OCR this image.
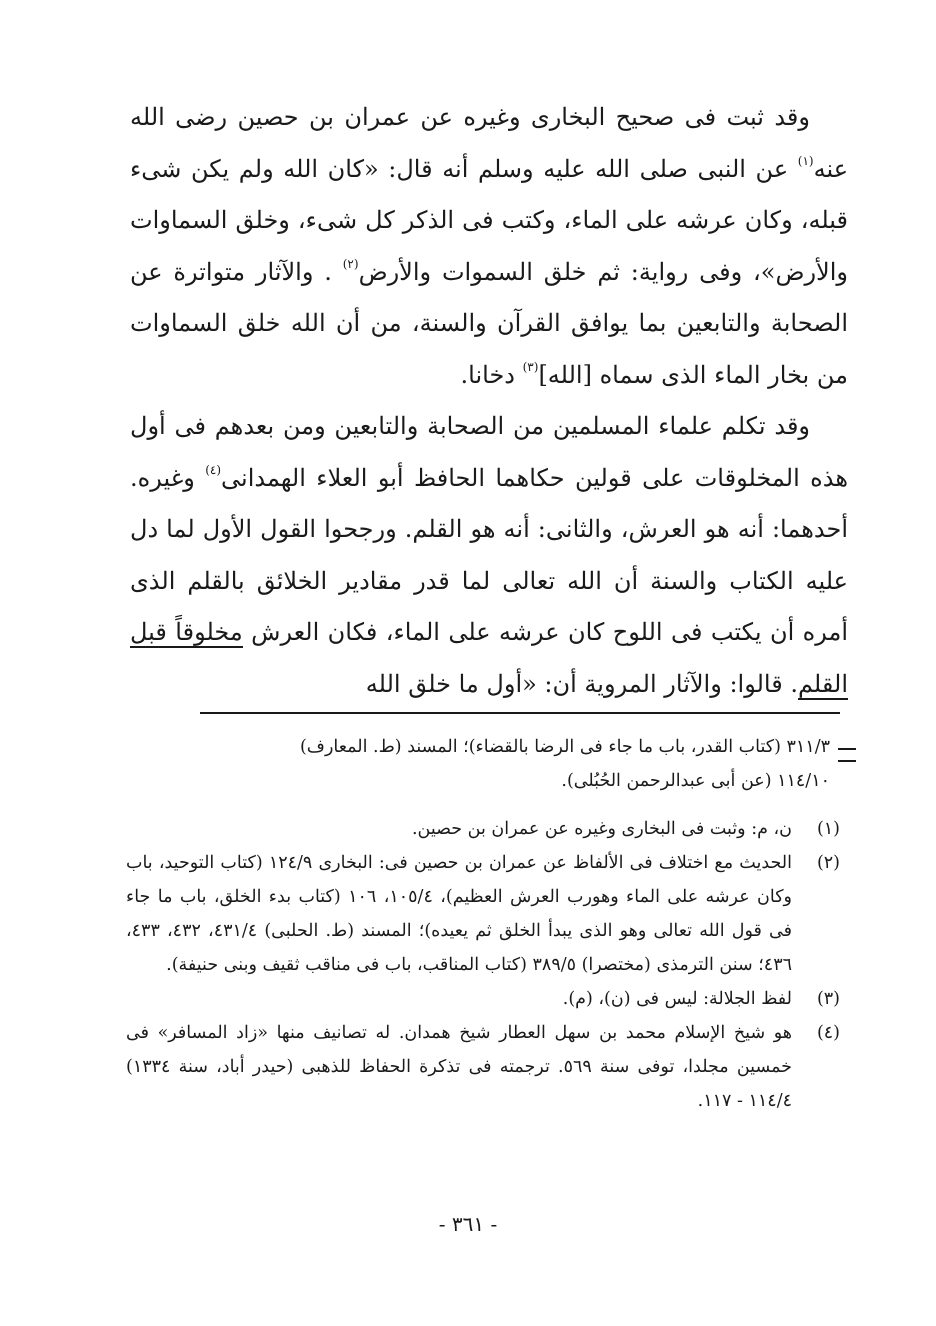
وقد ثبت فى صحيح البخارى وغيره عن عمران بن حصين رضى الله عنه$^{(١)}$ عن النبى صلى الله عليه وسلم أنه قال: «كان الله ولم يكن شىء قبله، وكان عرشه على الماء، وكتب فى الذكر كل شىء، وخلق السماوات والأرض»، وفى رواية: ثم خلق السموات والأرض$^{(٢)}$ . والآثار متواترة عن الصحابة والتابعين بما يوافق القرآن والسنة، من أن الله خلق السماوات من بخار الماء الذى سماه [الله]$^{(٣)}$ دخانا.

وقد تكلم علماء المسلمين من الصحابة والتابعين ومن بعدهم فى أول هذه المخلوقات على قولين حكاهما الحافظ أبو العلاء الهمدانى$^{(٤)}$ وغيره. أحدهما: أنه هو العرش، والثانى: أنه هو القلم. ورجحوا القول الأول لما دل عليه الكتاب والسنة أن الله تعالى لما قدر مقادير الخلائق بالقلم الذى أمره أن يكتب فى اللوح كان عرشه على الماء، فكان العرش مخلوقاً قبل القلم. قالوا: والآثار المروية أن: «أول ما خلق الله

٣١١/٣ (كتاب القدر، باب ما جاء فى الرضا بالقضاء)؛ المسند (ط. المعارف)

١١٤/١٠ (عن أبى عبدالرحمن الحُبُلى).

(١)
ن، م: وثبت فى البخارى وغيره عن عمران بن حصين.
(٢)
الحديث مع اختلاف فى الألفاظ عن عمران بن حصين فى: البخارى ١٢٤/٩ (كتاب التوحيد، باب وكان عرشه على الماء وهورب العرش العظيم)، ١٠٥/٤، ١٠٦ (كتاب بدء الخلق، باب ما جاء فى قول الله تعالى وهو الذى يبدأ الخلق ثم يعيده)؛ المسند (ط. الحلبى) ٤٣١/٤، ٤٣٢، ٤٣٣، ٤٣٦؛ سنن الترمذى (مختصرا) ٣٨٩/٥ (كتاب المناقب، باب فى مناقب ثقيف وبنى حنيفة).
(٣)
لفظ الجلالة: ليس فى (ن)، (م).
(٤)
هو شيخ الإسلام محمد بن سهل العطار شيخ همدان. له تصانيف منها «زاد المسافر» فى خمسين مجلدا، توفى سنة ٥٦٩. ترجمته فى تذكرة الحفاظ للذهبى (حيدر أباد، سنة ١٣٣٤) ١١٤/٤ - ١١٧.
- ٣٦١ -
